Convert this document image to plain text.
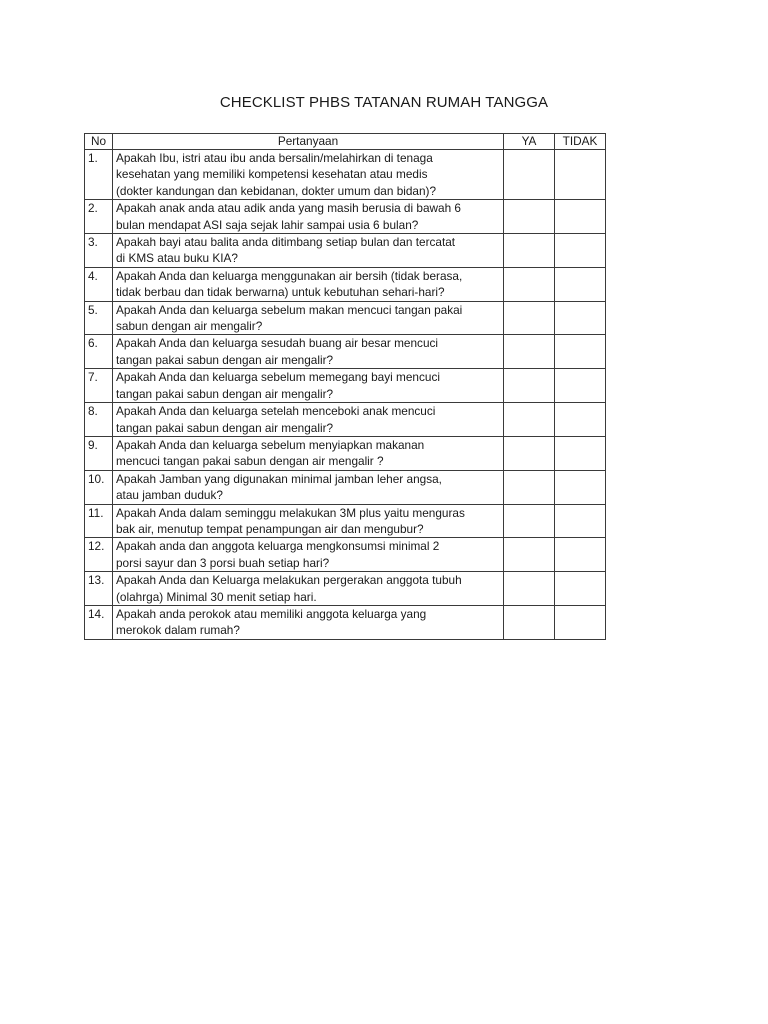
CHECKLIST PHBS TATANAN RUMAH TANGGA
No	Pertanyaan	YA	TIDAK
1.	Apakah Ibu, istri atau ibu anda bersalin/melahirkan di tenaga
kesehatan yang memiliki kompetensi kesehatan atau medis
(dokter kandungan dan kebidanan, dokter umum dan bidan)?		

2.	Apakah anak anda atau adik anda yang masih berusia di bawah 6
bulan mendapat ASI saja sejak lahir sampai usia 6 bulan?		

3.	Apakah bayi atau balita anda ditimbang setiap bulan dan tercatat
di KMS atau buku KIA?		

4.	Apakah Anda dan keluarga menggunakan air bersih (tidak berasa,
tidak berbau dan tidak berwarna) untuk kebutuhan sehari-hari?		

5.	Apakah Anda dan keluarga sebelum makan mencuci tangan pakai
sabun dengan air mengalir?		

6.	Apakah Anda dan keluarga sesudah buang air besar mencuci
tangan pakai sabun dengan air mengalir?		

7.	Apakah Anda dan keluarga sebelum memegang bayi mencuci
tangan pakai sabun dengan air mengalir?		

8.	Apakah Anda dan keluarga setelah menceboki anak mencuci
tangan pakai sabun dengan air mengalir?		

9.	Apakah Anda dan keluarga sebelum menyiapkan makanan
mencuci tangan pakai sabun dengan air mengalir ?		

10.	Apakah Jamban yang digunakan minimal jamban leher angsa,
atau jamban duduk?		

11.	Apakah Anda dalam seminggu melakukan 3M plus yaitu menguras
bak air, menutup tempat penampungan air dan mengubur?		

12.	Apakah anda dan anggota keluarga mengkonsumsi minimal 2
porsi sayur dan 3 porsi buah setiap hari?		

13.	Apakah Anda dan Keluarga melakukan pergerakan anggota tubuh
(olahrga) Minimal 30 menit setiap hari.		

14.	Apakah anda perokok atau memiliki anggota keluarga yang
merokok dalam rumah?		
